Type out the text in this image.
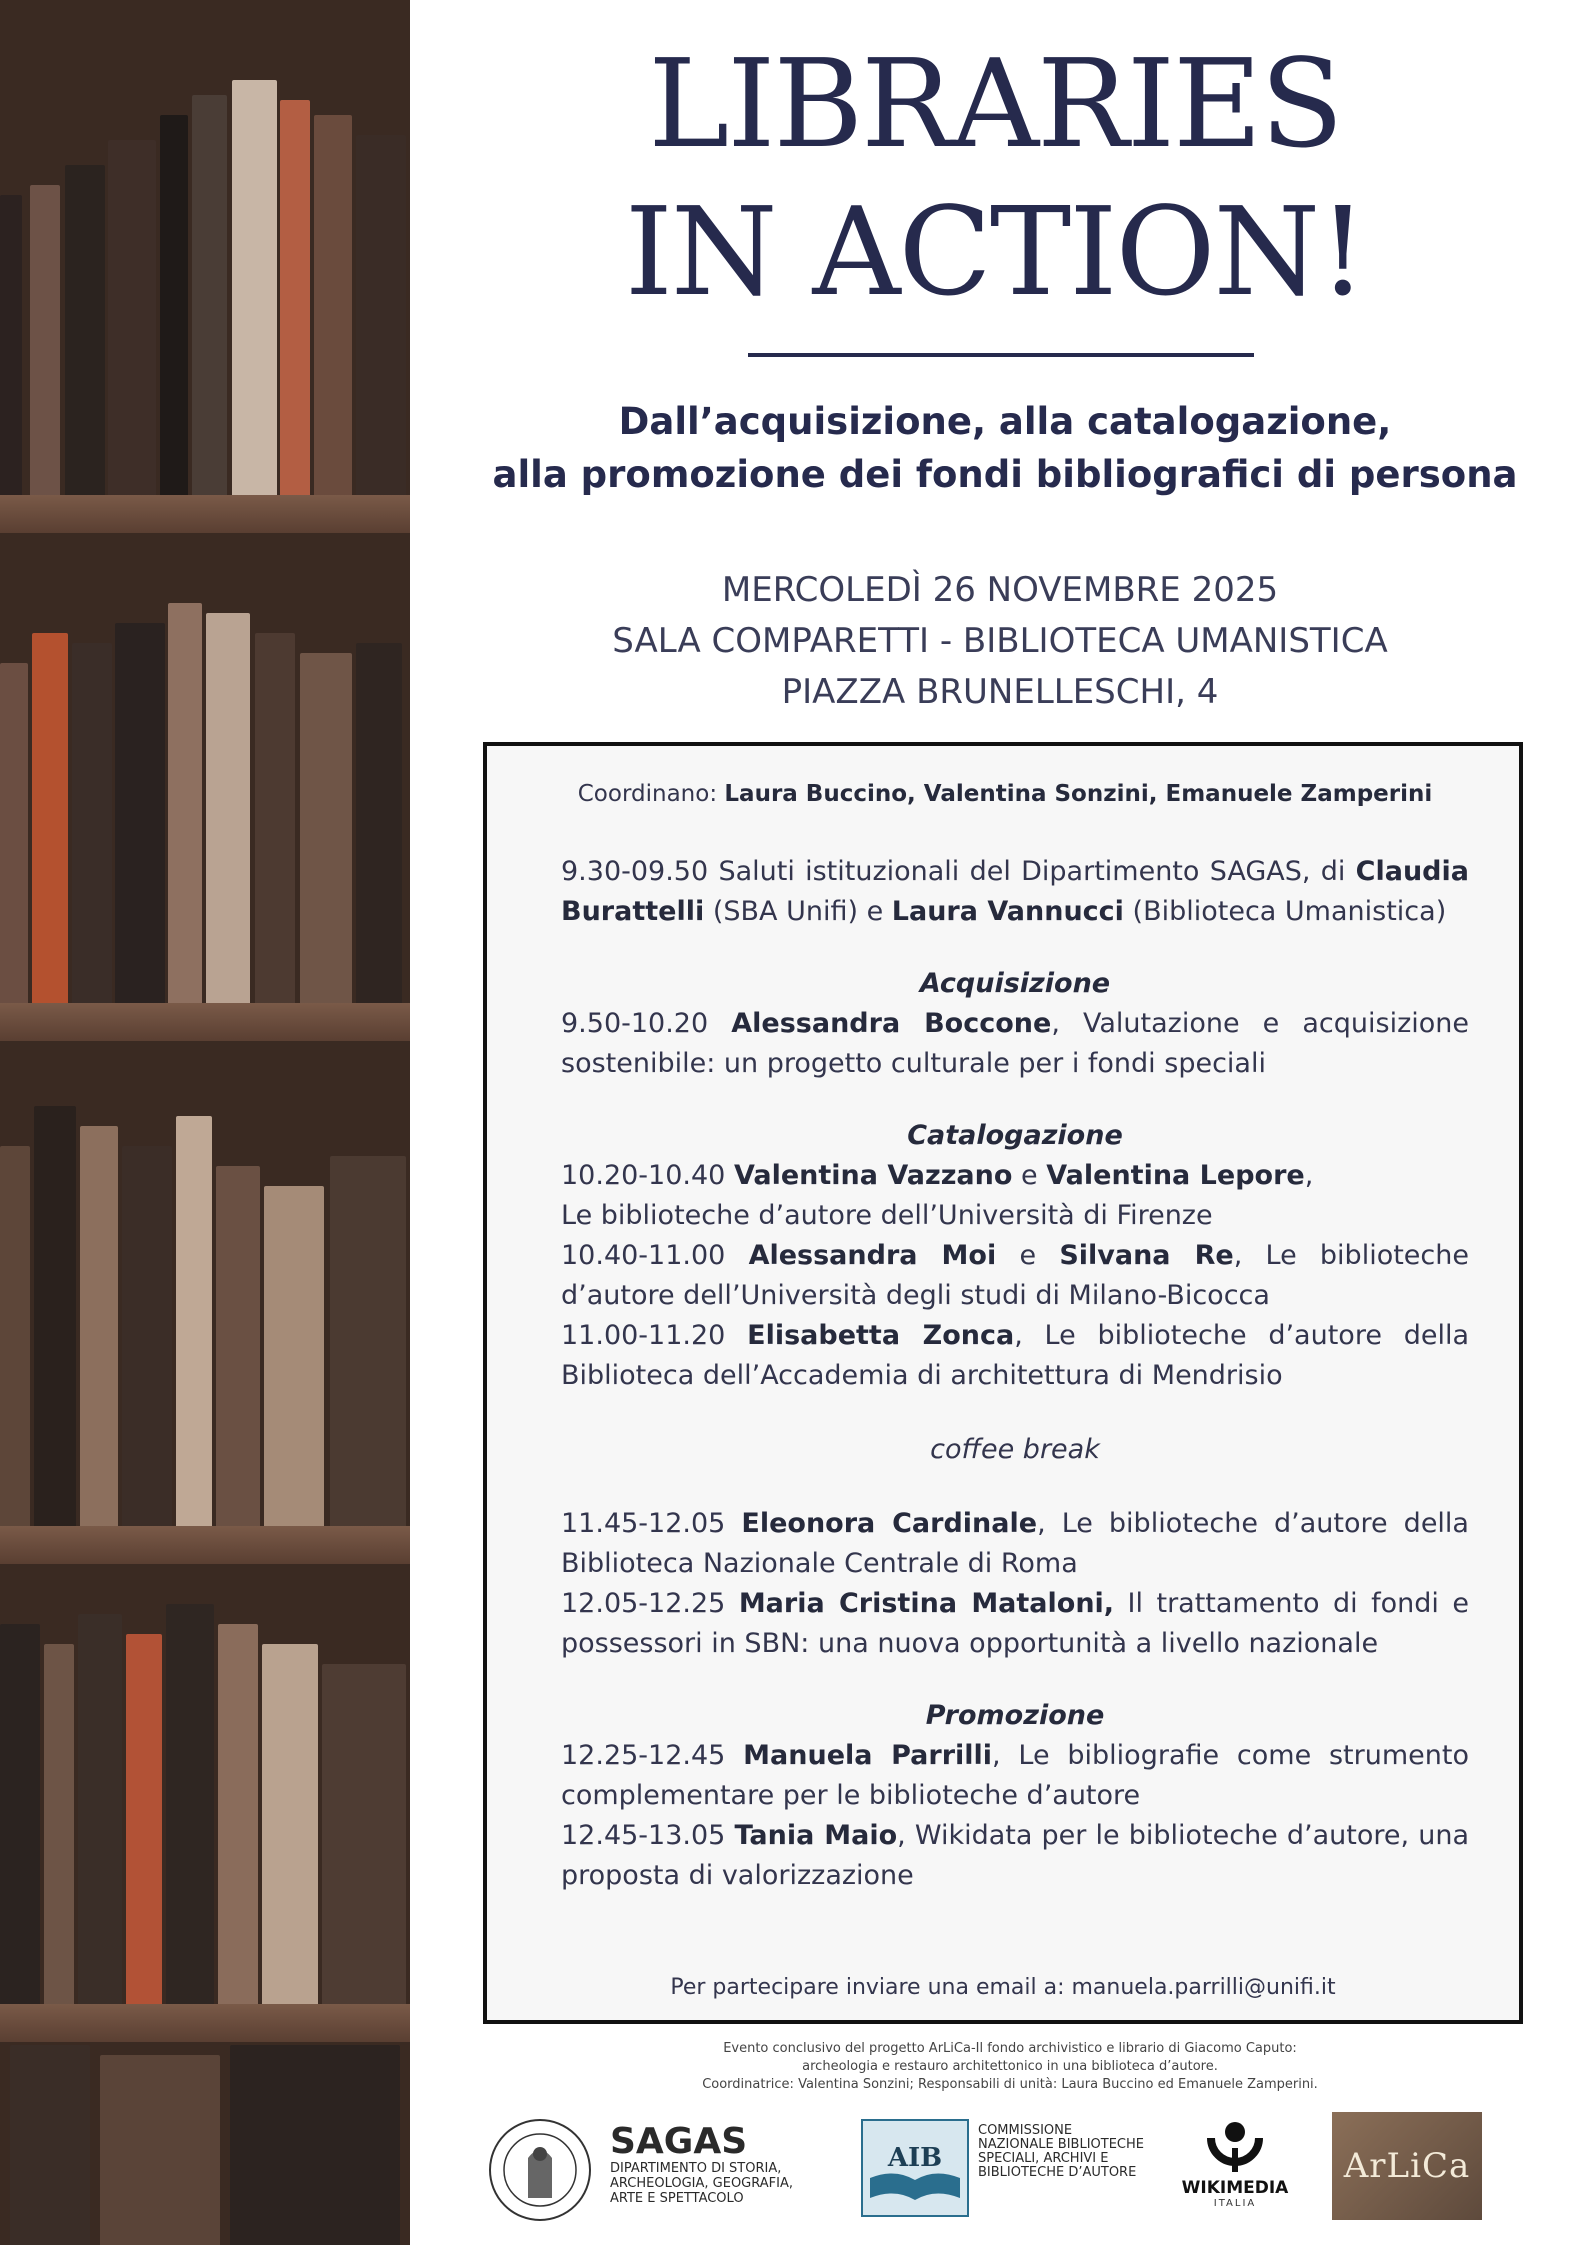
LIBRARIES
IN ACTION!
Dall’acquisizione, alla catalogazione,
alla promozione dei fondi bibliografici di persona
MERCOLEDÌ 26 NOVEMBRE 2025
SALA COMPARETTI - BIBLIOTECA UMANISTICA
PIAZZA BRUNELLESCHI, 4
Coordinano: Laura Buccino, Valentina Sonzini, Emanuele Zamperini
9.30-09.50 Saluti istituzionali del Dipartimento SAGAS, di Claudia Burattelli (SBA Unifi) e Laura Vannucci (Biblioteca Umanistica)
Acquisizione
9.50-10.20 Alessandra Boccone, Valutazione e acquisizione sostenibile: un progetto culturale per i fondi speciali
Catalogazione
10.20-10.40 Valentina Vazzano e Valentina Lepore,
Le biblioteche d’autore dell’Università di Firenze
10.40-11.00 Alessandra Moi e Silvana Re, Le biblioteche d’autore dell’Università degli studi di Milano-Bicocca
11.00-11.20 Elisabetta Zonca, Le biblioteche d’autore della Biblioteca dell’Accademia di architettura di Mendrisio
coffee break
11.45-12.05 Eleonora Cardinale, Le biblioteche d’autore della Biblioteca Nazionale Centrale di Roma
12.05-12.25 Maria Cristina Mataloni, Il trattamento di fondi e possessori in SBN: una nuova opportunità a livello nazionale
Promozione
12.25-12.45 Manuela Parrilli, Le bibliografie come strumento complementare per le biblioteche d’autore
12.45-13.05 Tania Maio, Wikidata per le biblioteche d’autore, una proposta di valorizzazione
Per partecipare inviare una email a: manuela.parrilli@unifi.it
Evento conclusivo del progetto ArLiCa-Il fondo archivistico e librario di Giacomo Caputo:
archeologia e restauro architettonico in una biblioteca d’autore.
Coordinatrice: Valentina Sonzini; Responsabili di unità: Laura Buccino ed Emanuele Zamperini.
SAGAS
DIPARTIMENTO DI STORIA, ARCHEOLOGIA, GEOGRAFIA, ARTE E SPETTACOLO
AIB
COMMISSIONE NAZIONALE BIBLIOTECHE SPECIALI, ARCHIVI E BIBLIOTECHE D’AUTORE
WIKIMEDIA
ITALIA
ArLiCa
